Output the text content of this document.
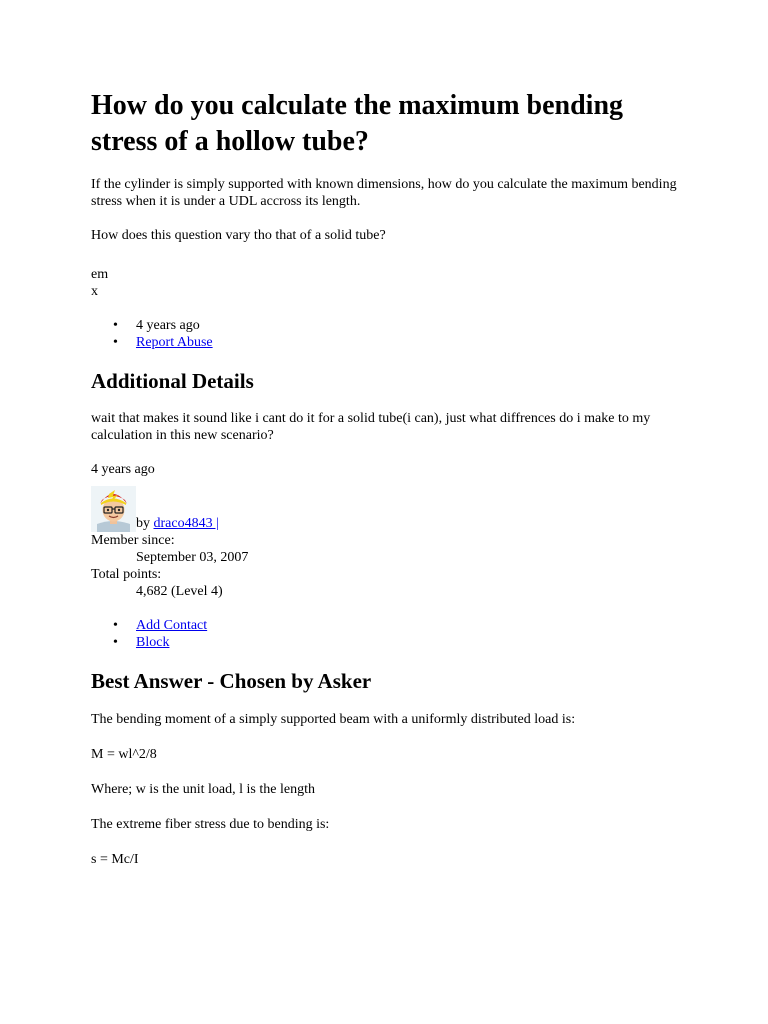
How do you calculate the maximum bending stress of a hollow tube?

If the cylinder is simply supported with known dimensions, how do you calculate the maximum bending stress when it is under a UDL accross its length.

How does this question vary tho that of a solid tube?

em

x

• 4 years ago
• Report Abuse
Additional Details

wait that makes it sound like i cant do it for a solid tube(i can), just what diffrences do i make to my calculation in this new scenario?

4 years ago

by draco4843 |

Member since:
September 03, 2007
Total points:
4,682 (Level 4)
• Add Contact
• Block
Best Answer - Chosen by Asker

The bending moment of a simply supported beam with a uniformly distributed load is:

M = wl^2/8

Where; w is the unit load, l is the length

The extreme fiber stress due to bending is:

s = Mc/I
